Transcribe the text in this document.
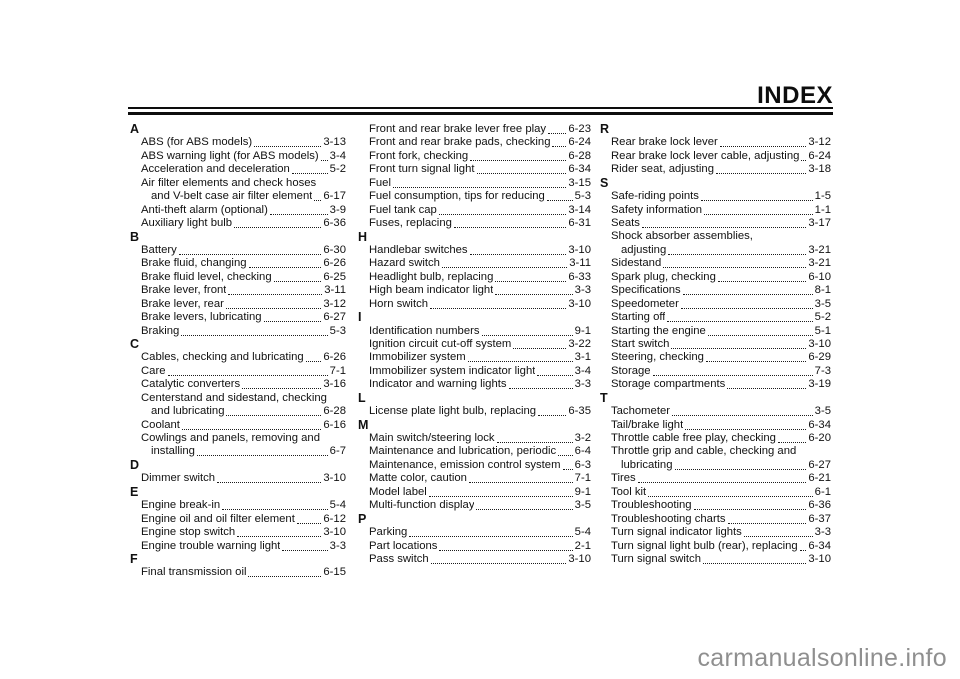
INDEX
A
ABS (for ABS models)	3-13
ABS warning light (for ABS models) 3-4
Acceleration and deceleration	5-2
Air filter elements and check hoses
and V-belt case air filter element 6-17
Anti-theft alarm (optional)	3-9
Auxiliary light bulb	6-36
B
Battery	6-30
Brake fluid, changing	6-26
Brake fluid level, checking	6-25
Brake lever, front	3-11
Brake lever, rear	3-12
Brake levers, lubricating	6-27
Braking	5-3
C
Cables, checking and lubricating 6-26
Care	7-1
Catalytic converters	3-16
Centerstand and sidestand, checking
and lubricating	6-28
Coolant	6-16
Cowlings and panels, removing and
installing	6-7
D
Dimmer switch	3-10
E
Engine break-in	5-4
Engine oil and oil filter element	6-12
Engine stop switch	3-10
Engine trouble warning light	3-3
F
Final transmission oil	6-15
Front and rear brake lever free play 6-23
Front and rear brake pads, checking 6-24
Front fork, checking	6-28
Front turn signal light	6-34
Fuel	3-15
Fuel consumption, tips for reducing	5-3
Fuel tank cap	3-14
Fuses, replacing	6-31
H
Handlebar switches	3-10
Hazard switch	3-11
Headlight bulb, replacing	6-33
High beam indicator light	3-3
Horn switch	3-10
I
Identification numbers	9-1
Ignition circuit cut-off system	3-22
Immobilizer system	3-1
Immobilizer system indicator light	3-4
Indicator and warning lights	3-3
L
License plate light bulb, replacing	6-35
M
Main switch/steering lock	3-2
Maintenance and lubrication, periodic 6-4
Maintenance, emission control system 6-3
Matte color, caution	7-1
Model label	9-1
Multi-function display	3-5
P
Parking	5-4
Part locations	2-1
Pass switch	3-10
R
Rear brake lock lever	3-12
Rear brake lock lever cable, adjusting 6-24
Rider seat, adjusting	3-18
S
Safe-riding points	1-5
Safety information	1-1
Seats	3-17
Shock absorber assemblies,
adjusting	3-21
Sidestand	3-21
Spark plug, checking	6-10
Specifications	8-1
Speedometer	3-5
Starting off	5-2
Starting the engine	5-1
Start switch	3-10
Steering, checking	6-29
Storage	7-3
Storage compartments	3-19
T
Tachometer	3-5
Tail/brake light	6-34
Throttle cable free play, checking	6-20
Throttle grip and cable, checking and
lubricating	6-27
Tires	6-21
Tool kit	6-1
Troubleshooting	6-36
Troubleshooting charts	6-37
Turn signal indicator lights	3-3
Turn signal light bulb (rear), replacing 6-34
Turn signal switch	3-10
carmanualsonline.info
